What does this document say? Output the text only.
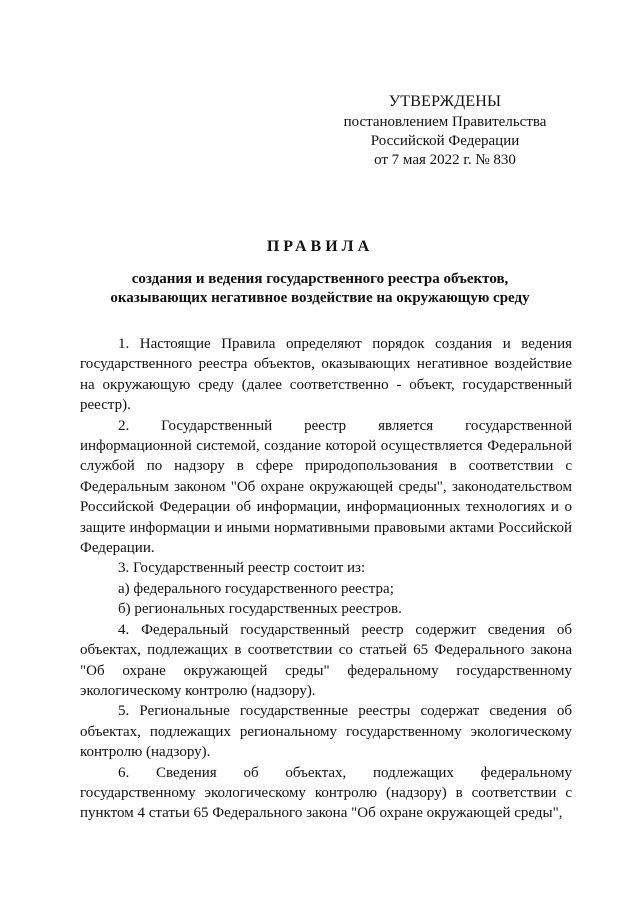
УТВЕРЖДЕНЫ
постановлением Правительства
Российской Федерации
от 7 мая 2022 г. № 830
ПРАВИЛА
создания и ведения государственного реестра объектов,
оказывающих негативное воздействие на окружающую среду

1. Настоящие Правила определяют порядок создания и ведения государственного реестра объектов, оказывающих негативное воздействие на окружающую среду (далее соответственно - объект, государственный реестр).

2. Государственный реестр является государственной информационной системой, создание которой осуществляется Федеральной службой по надзору в сфере природопользования в соответствии с Федеральным законом "Об охране окружающей среды", законодательством Российской Федерации об информации, информационных технологиях и о защите информации и иными нормативными правовыми актами Российской Федерации.

3. Государственный реестр состоит из:

а) федерального государственного реестра;

б) региональных государственных реестров.

4. Федеральный государственный реестр содержит сведения об объектах, подлежащих в соответствии со статьей 65 Федерального закона "Об охране окружающей среды" федеральному государственному экологическому контролю (надзору).

5. Региональные государственные реестры содержат сведения об объектах, подлежащих региональному государственному экологическому контролю (надзору).

6. Сведения об объектах, подлежащих федеральному государственному экологическому контролю (надзору) в соответствии с пунктом 4 статьи 65 Федерального закона "Об охране окружающей среды",
